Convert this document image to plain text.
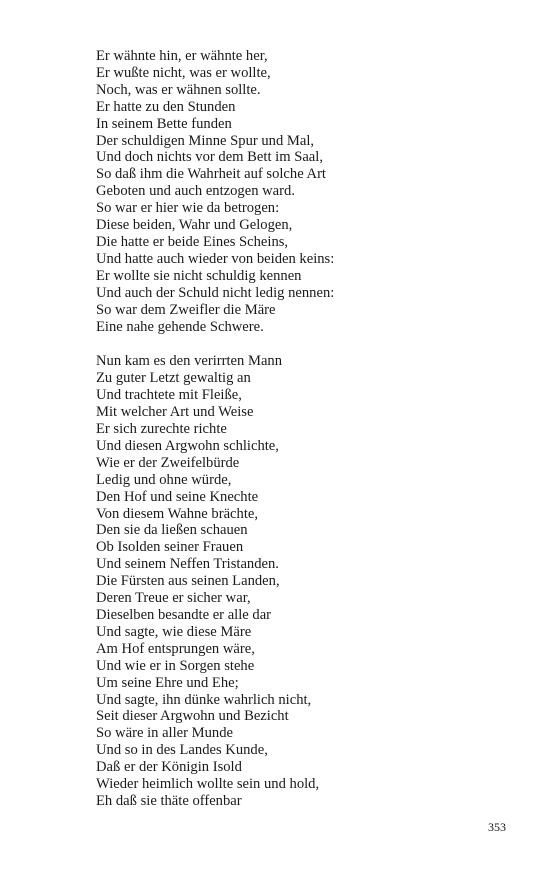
Er wähnte hin, er wähnte her,
Er wußte nicht, was er wollte,
Noch, was er wähnen sollte.
Er hatte zu den Stunden
In seinem Bette funden
Der schuldigen Minne Spur und Mal,
Und doch nichts vor dem Bett im Saal,
So daß ihm die Wahrheit auf solche Art
Geboten und auch entzogen ward.
So war er hier wie da betrogen:
Diese beiden, Wahr und Gelogen,
Die hatte er beide Eines Scheins,
Und hatte auch wieder von beiden keins:
Er wollte sie nicht schuldig kennen
Und auch der Schuld nicht ledig nennen:
So war dem Zweifler die Märe
Eine nahe gehende Schwere.
Nun kam es den verirrten Mann
Zu guter Letzt gewaltig an
Und trachtete mit Fleiße,
Mit welcher Art und Weise
Er sich zurechte richte
Und diesen Argwohn schlichte,
Wie er der Zweifelbürde
Ledig und ohne würde,
Den Hof und seine Knechte
Von diesem Wahne brächte,
Den sie da ließen schauen
Ob Isolden seiner Frauen
Und seinem Neffen Tristanden.
Die Fürsten aus seinen Landen,
Deren Treue er sicher war,
Dieselben besandte er alle dar
Und sagte, wie diese Märe
Am Hof entsprungen wäre,
Und wie er in Sorgen stehe
Um seine Ehre und Ehe;
Und sagte, ihn dünke wahrlich nicht,
Seit dieser Argwohn und Bezicht
So wäre in aller Munde
Und so in des Landes Kunde,
Daß er der Königin Isold
Wieder heimlich wollte sein und hold,
Eh daß sie thäte offenbar
353
